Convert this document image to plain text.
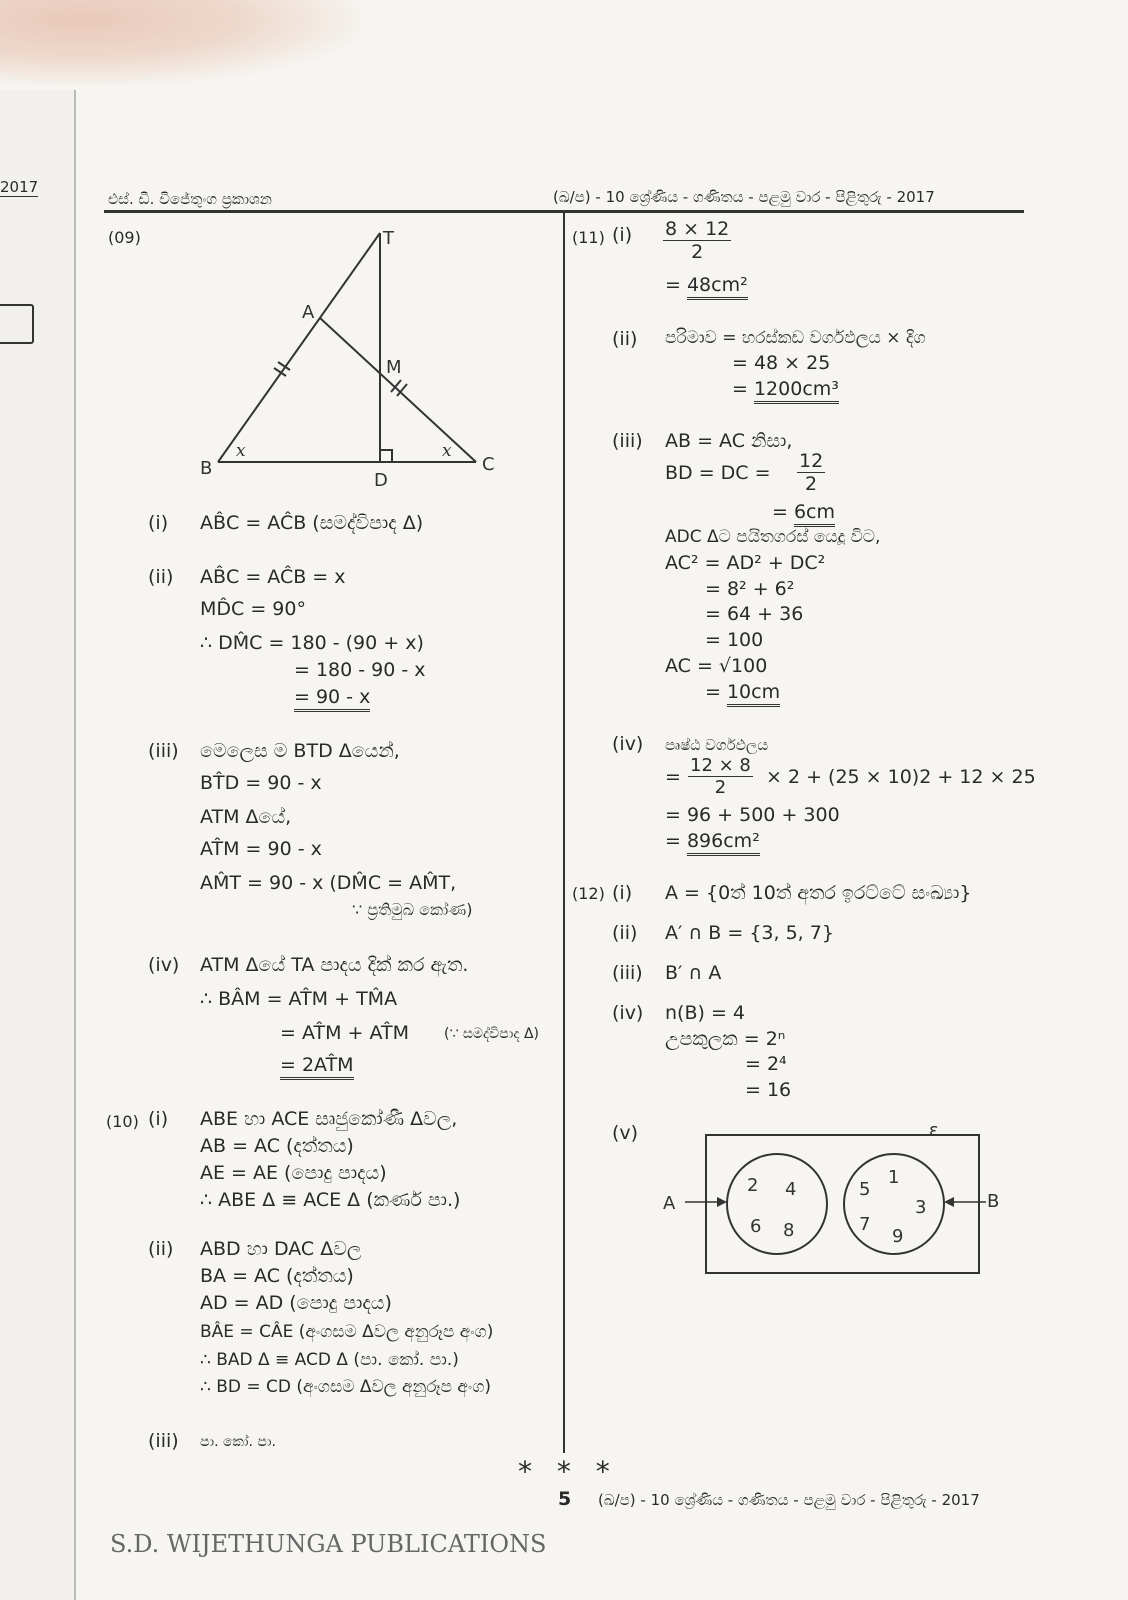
2017
එස්. ඩී. විජේතුංග ප්‍රකාශන	(ඛ/ප) - 10 ශ්‍රේණිය - ගණිතය - පළමු වාර - පිළිතුරු - 2017
S.D. WIJETHUNGA PUBLICATIONS
(09)	T
A
M
B	C
D
x	x
(i) AB̂C = AĈB (සමද්විපාද Δ)
(ii) AB̂C = AĈB = x
MD̂C = 90°
∴ DM̂C = 180 - (90 + x)
= 180 - 90 - x
= 90 - x
(iii) මෙලෙස ම BTD Δයෙන්,
BT̂D = 90 - x
ATM Δයේ,
AT̂M = 90 - x
AM̂T = 90 - x (DM̂C = AM̂T,
∵ ප්‍රතිමුඛ කෝණ)
(iv) ATM Δයේ TA පාදය දික් කර ඇත.
∴ BÂM = AT̂M + TM̂A
= AT̂M + AT̂M (∵ සමද්විපාද Δ)
= 2AT̂M
(10) (i) ABE හා ACE සෘජුකෝණී Δවල,
AB = AC (දත්තය)
AE = AE (පොදු පාදය)
∴ ABE Δ ≡ ACE Δ (කර්ණ පා.)
(ii) ABD හා DAC Δවල
BA = AC (දත්තය)
AD = AD (පොදු පාදය)
BÂE = CÂE (අංගසම Δවල අනුරූප අංග)
∴ BAD Δ ≡ ACD Δ (පා. කෝ. පා.)
∴ BD = CD (අංගසම Δවල අනුරූප අංග)
(iii) පා. කෝ. පා.
(11) $(i) \frac{8 \times 12}{2}$
= 48cm²
(ii) පරිමාව = හරස්කඩ වර්ගඵලය × දිග
= 48 × 25
= 1200cm³
(iii) AB = AC නිසා,
BD = DC = $\frac{12}{2}$
= 6cm
ADC Δට පයිතගරස් යෙදූ විට,
AC² = AD² + DC²
= 8² + 6²
= 64 + 36
= 100
AC = √100
= 10cm
(iv) පෘෂ්ඨ වර්ගඵලය
= $\frac{12 \times 8}{2} \times 2 + (25 \times 10)2 + 12 \times 25$
= 96 + 500 + 300
= 896cm²
(12) (i) A = {0ත් 10ත් අතර ඉරට්ටේ සංඛ්‍යා}
(ii) A′ ∩ B = {3, 5, 7}
(iii) B′ ∩ A
(iv) n(B) = 4
උපකුලක = 2ⁿ
= 2⁴
= 16
(v)	ε
A	B
2 4
6 8
5
1
3
7
9
* * *
5 (ඛ/ප) - 10 ශ්‍රේණිය - ගණිතය - පළමු වාර - පිළිතුරු - 2017
